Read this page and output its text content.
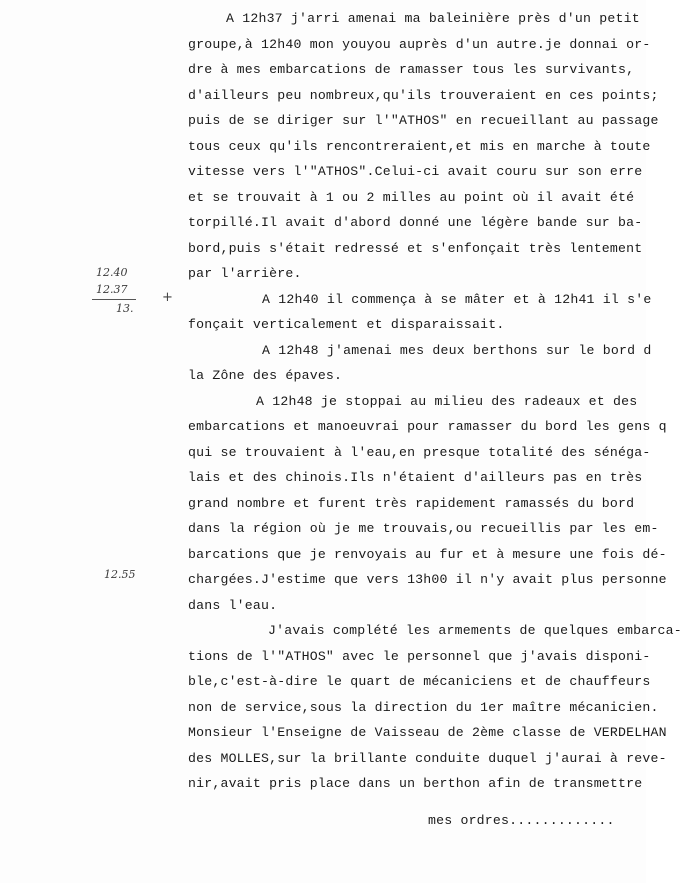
12.40
12.37
13.
+
12.55
A 12h37 j'arri amenai ma baleinière près d'un petit
groupe,à 12h40 mon youyou auprès d'un autre.je donnai or-
dre à mes embarcations de ramasser tous les survivants,
d'ailleurs peu nombreux,qu'ils trouveraient en ces points;
puis de se diriger sur l'"ATHOS" en recueillant au passage
tous ceux qu'ils rencontreraient,et mis en marche à toute
vitesse vers l'"ATHOS".Celui-ci avait couru sur son erre
et se trouvait à 1 ou 2 milles au point où il avait été
torpillé.Il avait d'abord donné une légère bande sur ba-
bord,puis s'était redressé et s'enfonçait très lentement
par l'arrière.
A 12h40 il commença à se mâter et à 12h41 il s'e
fonçait verticalement et disparaissait.
A 12h48 j'amenai mes deux berthons sur le bord d
la Zône des épaves.
A 12h48 je stoppai au milieu des radeaux et des
embarcations et manoeuvrai pour ramasser du bord les gens q
qui se trouvaient à l'eau,en presque totalité des sénéga-
lais et des chinois.Ils n'étaient d'ailleurs pas en très
grand nombre et furent très rapidement ramassés du bord
dans la région où je me trouvais,ou recueillis par les em-
barcations que je renvoyais au fur et à mesure une fois dé-
chargées.J'estime que vers 13h00 il n'y avait plus personne
dans l'eau.
J'avais complété les armements de quelques embarca-
tions de l'"ATHOS" avec le personnel que j'avais disponi-
ble,c'est-à-dire le quart de mécaniciens et de chauffeurs
non de service,sous la direction du 1er maître mécanicien.
Monsieur l'Enseigne de Vaisseau de 2ème classe de VERDELHAN
des MOLLES,sur la brillante conduite duquel j'aurai à reve-
nir,avait pris place dans un berthon afin de transmettre
mes ordres.............
